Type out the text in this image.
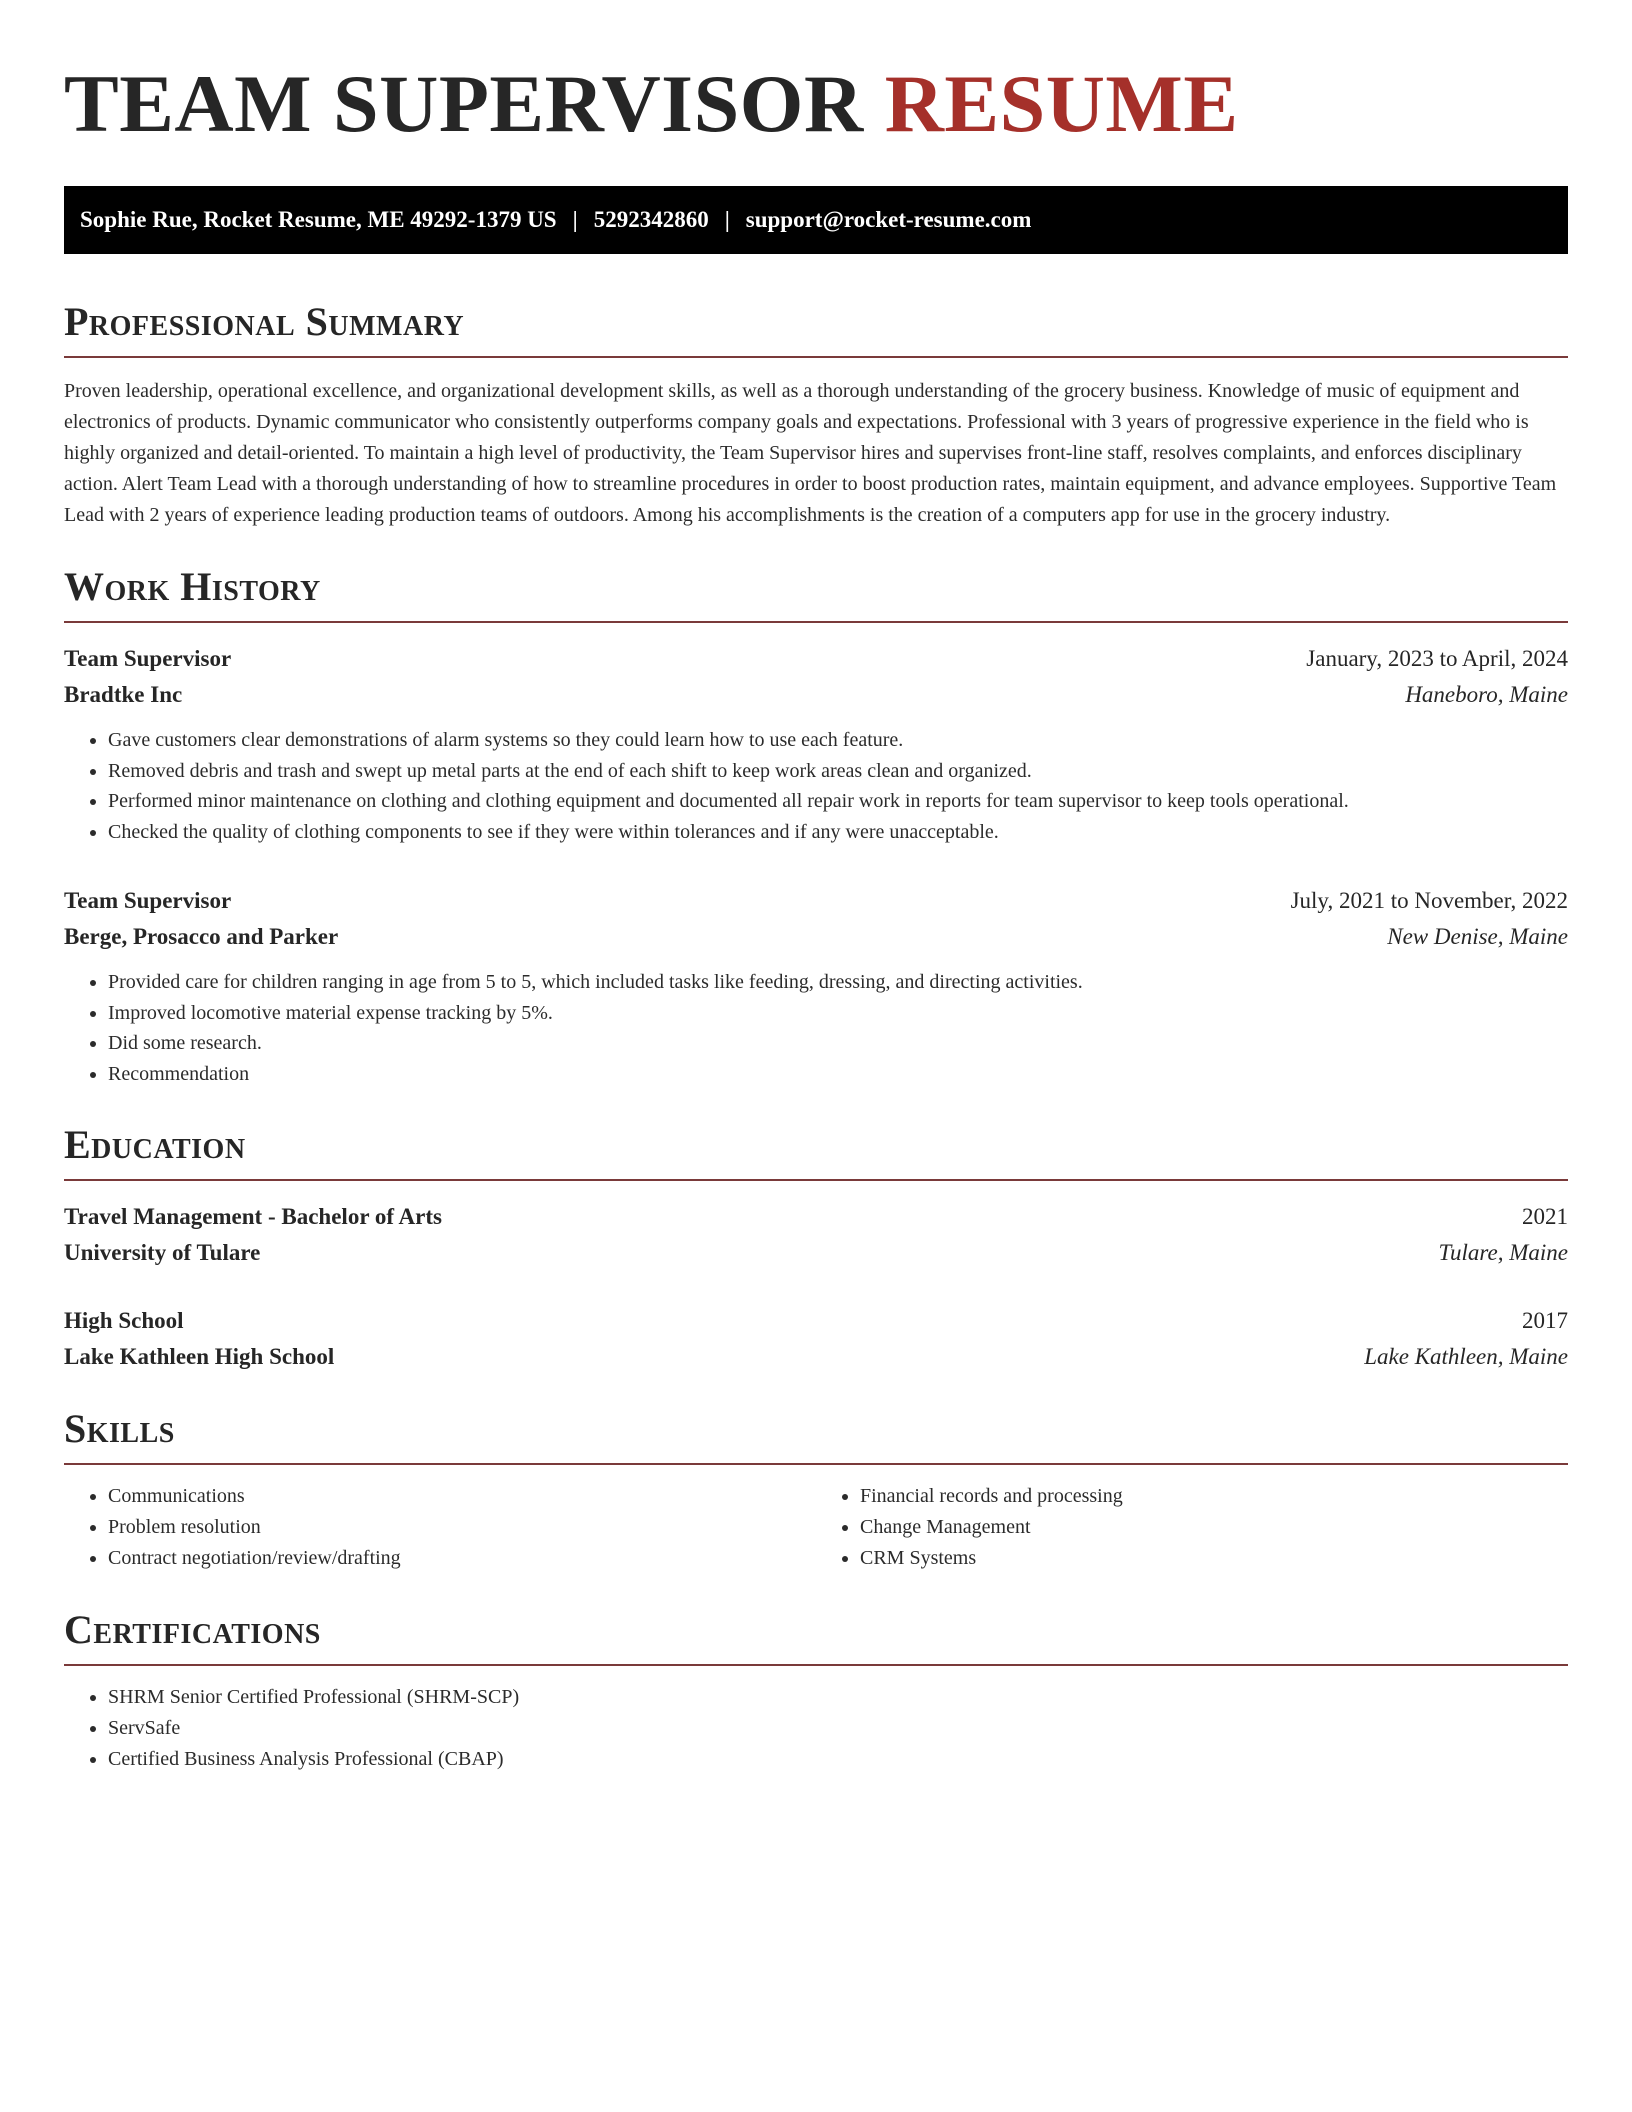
TEAM SUPERVISOR RESUME
Sophie Rue, Rocket Resume, ME 49292-1379 US | 5292342860 | support@rocket-resume.com
Professional Summary

Proven leadership, operational excellence, and organizational development skills, as well as a thorough understanding of the grocery business. Knowledge of music of equipment and electronics of products. Dynamic communicator who consistently outperforms company goals and expectations. Professional with 3 years of progressive experience in the field who is highly organized and detail-oriented. To maintain a high level of productivity, the Team Supervisor hires and supervises front-line staff, resolves complaints, and enforces disciplinary action. Alert Team Lead with a thorough understanding of how to streamline procedures in order to boost production rates, maintain equipment, and advance employees. Supportive Team Lead with 2 years of experience leading production teams of outdoors. Among his accomplishments is the creation of a computers app for use in the grocery industry.

Work History
Team Supervisor	January, 2023 to April, 2024
Bradtke Inc	Haneboro, Maine
• Gave customers clear demonstrations of alarm systems so they could learn how to use each feature.
• Removed debris and trash and swept up metal parts at the end of each shift to keep work areas clean and organized.
• Performed minor maintenance on clothing and clothing equipment and documented all repair work in reports for team supervisor to keep tools operational.
• Checked the quality of clothing components to see if they were within tolerances and if any were unacceptable.
Team Supervisor	July, 2021 to November, 2022
Berge, Prosacco and Parker	New Denise, Maine
• Provided care for children ranging in age from 5 to 5, which included tasks like feeding, dressing, and directing activities.
• Improved locomotive material expense tracking by 5%.
• Did some research.
• Recommendation
Education
Travel Management - Bachelor of Arts	2021
University of Tulare	Tulare, Maine
High School	2017
Lake Kathleen High School	Lake Kathleen, Maine
Skills
• Communications
• Problem resolution
• Contract negotiation/review/drafting
• Financial records and processing
• Change Management
• CRM Systems
Certifications
• SHRM Senior Certified Professional (SHRM-SCP)
• ServSafe
• Certified Business Analysis Professional (CBAP)
